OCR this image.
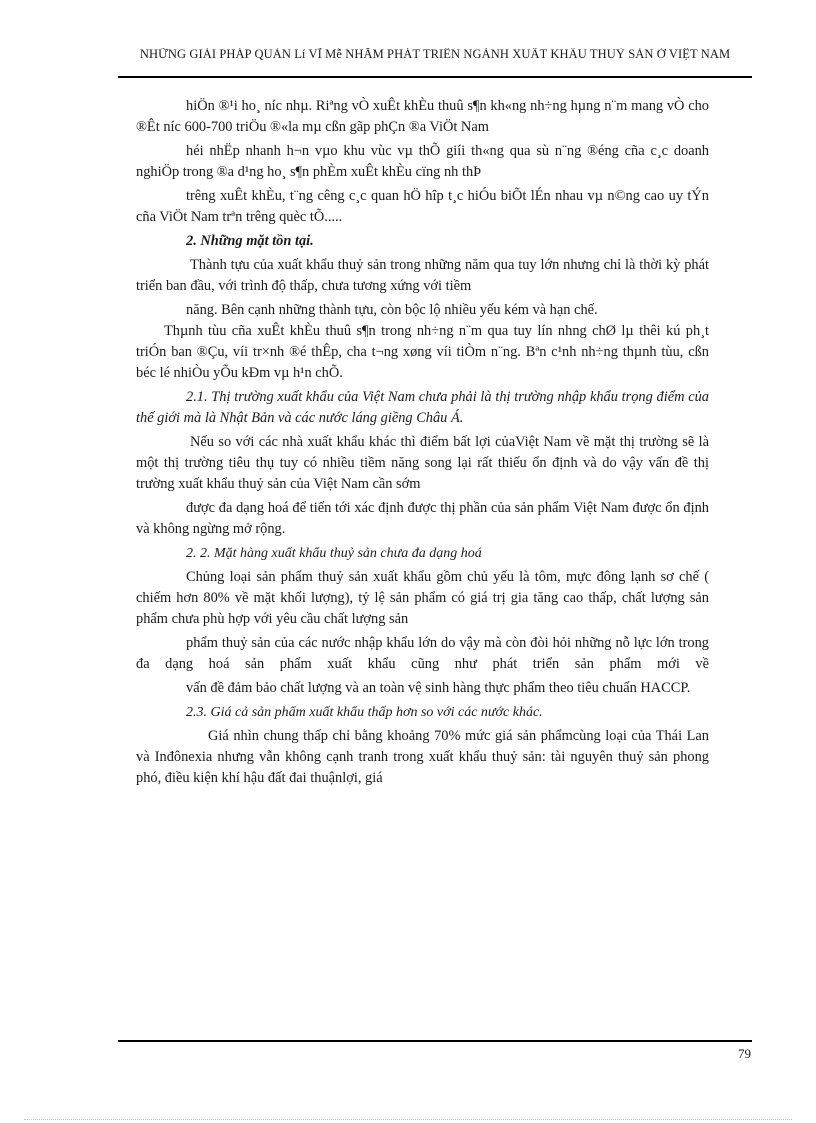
NHỮNG GIẢI PHÁP QUẢN Lí VĨ Mễ NHẰM PHÁT TRIỂN NGÀNH XUẤT KHẨU THUỶ SẢN Ở VIỆT NAM

hiÖn ®¹i ho¸ níc nhµ. Riªng vÒ xuÊt khÈu thuû s¶n kh«ng nh÷ng hµng n¨m mang vÒ cho ®Êt níc 600-700 triÖu ®«la mµ cßn gãp phÇn ®a ViÖt Nam

héi nhËp nhanh h¬n vµo khu vùc vµ thÕ giíi th«ng qua sù n¨ng ®éng cña c¸c doanh nghiÖp trong ®a d¹ng ho¸ s¶n phÈm xuÊt khÈu cïng nh thÞ

trêng xuÊt khÈu, t¨ng cêng c¸c quan hÖ hîp t¸c hiÓu biÕt lÉn nhau vµ n©ng cao uy tÝn cña ViÖt Nam trªn trêng quèc tÕ.....

2. Những mặt tồn tại.

Thành tựu của xuất khẩu thuỷ sản trong những năm qua tuy lớn nhưng chỉ là thời kỳ phát triển ban đầu, với trình độ thấp, chưa tương xứng với tiềm

năng. Bên cạnh những thành tựu, còn bộc lộ nhiều yếu kém và hạn chế.

Thµnh tùu cña xuÊt khÈu thuû s¶n trong nh÷ng n¨m qua tuy lín nhng chØ lµ thêi kú ph¸t triÓn ban ®Çu, víi tr×nh ®é thÊp, cha t¬ng xøng víi tiÒm n¨ng. Bªn c¹nh nh÷ng thµnh tùu, cßn béc lé nhiÒu yÕu kÐm vµ h¹n chÕ.

2.1. Thị trường xuất khẩu của Việt Nam chưa phải là thị trường nhập khẩu trọng điểm của thế giới mà là Nhật Bản và các nước láng giềng Châu Á.

Nếu so với các nhà xuất khẩu khác thì điểm bất lợi củaViệt Nam về mặt thị trường sẽ là một thị trường tiêu thụ tuy có nhiều tiềm năng song lại rất thiếu ổn định và do vậy vấn đề thị trường xuất khẩu thuỷ sản của Việt Nam cần sớm

được đa dạng hoá để tiến tới xác định được thị phần của sản phẩm Việt Nam được ổn định và không ngừng mở rộng.

2. 2. Mặt hàng xuất khẩu thuỷ sản chưa đa dạng hoá

Chủng loại sản phẩm thuỷ sản xuất khẩu gồm chủ yếu là tôm, mực đông lạnh sơ chế ( chiếm hơn 80% về mặt khối lượng), tỷ lệ sản phẩm có giá trị gia tăng cao thấp, chất lượng sản phẩm chưa phù hợp với yêu cầu chất lượng sản

phẩm thuỷ sản của các nước nhập khẩu lớn do vậy mà còn đòi hỏi những nỗ lực lớn trong đa dạng hoá sản phẩm xuất khẩu cũng như phát triển sản phẩm mới về

vấn đề đảm bảo chất lượng và an toàn vệ sinh hàng thực phẩm theo tiêu chuẩn HACCP.

2.3. Giá cả sản phẩm xuất khẩu thấp hơn so với các nước khác.

Giá nhìn chung thấp chỉ bằng khoảng 70% mức giá sản phẩmcùng loại của Thái Lan và Inđônexia nhưng vẫn không cạnh tranh trong xuất khẩu thuỷ sản: tài nguyên thuỷ sản phong phó, điều kiện khí hậu đất đai thuậnlợi, giá

79
